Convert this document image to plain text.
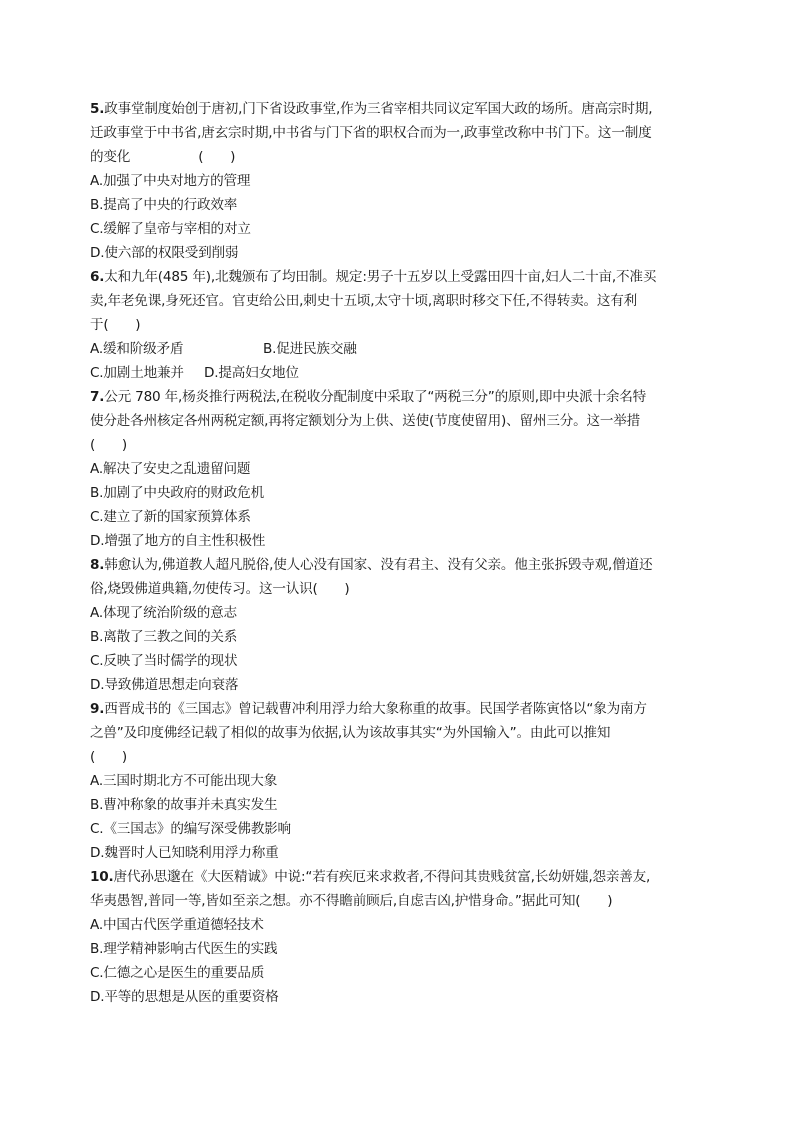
5.政事堂制度始创于唐初,门下省设政事堂,作为三省宰相共同议定军国大政的场所。唐高宗时期,
迁政事堂于中书省,唐玄宗时期,中书省与门下省的职权合而为一,政事堂改称中书门下。这一制度
的变化	(　　)
A.加强了中央对地方的管理
B.提高了中央的行政效率
C.缓解了皇帝与宰相的对立
D.使六部的权限受到削弱
6.太和九年(485 年),北魏颁布了均田制。规定:男子十五岁以上受露田四十亩,妇人二十亩,不准买
卖,年老免课,身死还官。官吏给公田,刺史十五顷,太守十顷,离职时移交下任,不得转卖。这有利
于(　　)
A.缓和阶级矛盾	B.促进民族交融
C.加剧土地兼并 D.提高妇女地位
7.公元 780 年,杨炎推行两税法,在税收分配制度中采取了“两税三分”的原则,即中央派十余名特
使分赴各州核定各州两税定额,再将定额划分为上供、送使(节度使留用)、留州三分。这一举措
(　　)
A.解决了安史之乱遗留问题
B.加剧了中央政府的财政危机
C.建立了新的国家预算体系
D.增强了地方的自主性积极性
8.韩愈认为,佛道教人超凡脱俗,使人心没有国家、没有君主、没有父亲。他主张拆毁寺观,僧道还
俗,烧毁佛道典籍,勿使传习。这一认识(　　)
A.体现了统治阶级的意志
B.离散了三教之间的关系
C.反映了当时儒学的现状
D.导致佛道思想走向衰落
9.西晋成书的《三国志》曾记载曹冲利用浮力给大象称重的故事。民国学者陈寅恪以“象为南方
之兽”及印度佛经记载了相似的故事为依据,认为该故事其实“为外国输入”。由此可以推知
(　　)
A.三国时期北方不可能出现大象
B.曹冲称象的故事并未真实发生
C.《三国志》的编写深受佛教影响
D.魏晋时人已知晓利用浮力称重
10.唐代孙思邈在《大医精诚》中说:“若有疾厄来求救者,不得问其贵贱贫富,长幼妍媸,怨亲善友,
华夷愚智,普同一等,皆如至亲之想。亦不得瞻前顾后,自虑吉凶,护惜身命。”据此可知(　　)
A.中国古代医学重道德轻技术
B.理学精神影响古代医生的实践
C.仁德之心是医生的重要品质
D.平等的思想是从医的重要资格
